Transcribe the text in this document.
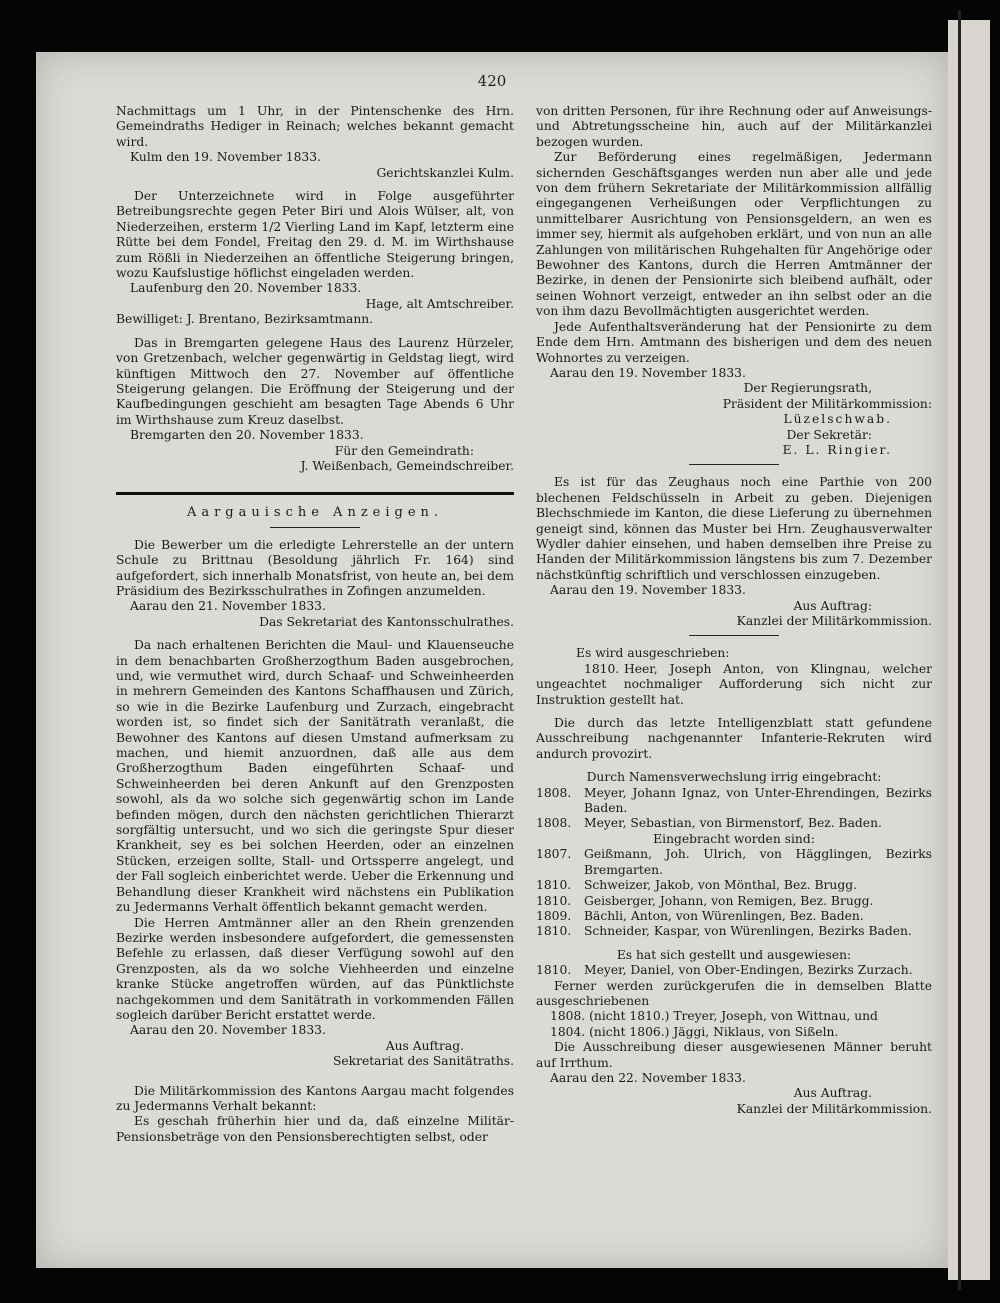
420

Nachmittags um 1 Uhr, in der Pintenschenke des Hrn. Gemeindraths Hediger in Reinach; welches bekannt gemacht wird.

Kulm den 19. November 1833.

Gerichtskanzlei Kulm.

Der Unterzeichnete wird in Folge ausgeführter Betreibungsrechte gegen Peter Biri und Alois Wülser, alt, von Niederzeihen, ersterm 1/2 Vierling Land im Kapf, letzterm eine Rütte bei dem Fondel, Freitag den 29. d. M. im Wirthshause zum Rößli in Niederzeihen an öffentliche Steigerung bringen, wozu Kaufslustige höflichst eingeladen werden.

Laufenburg den 20. November 1833.

Hage, alt Amtschreiber.

Bewilliget: J. Brentano, Bezirksamtmann.

Das in Bremgarten gelegene Haus des Laurenz Hürzeler, von Gretzenbach, welcher gegenwärtig in Geldstag liegt, wird künftigen Mittwoch den 27. November auf öffentliche Steigerung gelangen. Die Eröffnung der Steigerung und der Kaufbedingungen geschieht am besagten Tage Abends 6 Uhr im Wirthshause zum Kreuz daselbst.

Bremgarten den 20. November 1833.

Für den Gemeindrath:

J. Weißenbach, Gemeindschreiber.

Aargauische Anzeigen.

Die Bewerber um die erledigte Lehrerstelle an der untern Schule zu Brittnau (Besoldung jährlich Fr. 164) sind aufgefordert, sich innerhalb Monatsfrist, von heute an, bei dem Präsidium des Bezirksschulrathes in Zofingen anzumelden.

Aarau den 21. November 1833.

Das Sekretariat des Kantonsschulrathes.

Da nach erhaltenen Berichten die Maul- und Klauenseuche in dem benachbarten Großherzogthum Baden ausgebrochen, und, wie vermuthet wird, durch Schaaf- und Schweinheerden in mehrern Gemeinden des Kantons Schaffhausen und Zürich, so wie in die Bezirke Laufenburg und Zurzach, eingebracht worden ist, so findet sich der Sanitätrath veranlaßt, die Bewohner des Kantons auf diesen Umstand aufmerksam zu machen, und hiemit anzuordnen, daß alle aus dem Großherzogthum Baden eingeführten Schaaf- und Schweinheerden bei deren Ankunft auf den Grenzposten sowohl, als da wo solche sich gegenwärtig schon im Lande befinden mögen, durch den nächsten gerichtlichen Thierarzt sorgfältig untersucht, und wo sich die geringste Spur dieser Krankheit, sey es bei solchen Heerden, oder an einzelnen Stücken, erzeigen sollte, Stall- und Ortssperre angelegt, und der Fall sogleich einberichtet werde. Ueber die Erkennung und Behandlung dieser Krankheit wird nächstens ein Publikation zu Jedermanns Verhalt öffentlich bekannt gemacht werden.

Die Herren Amtmänner aller an den Rhein grenzenden Bezirke werden insbesondere aufgefordert, die gemessensten Befehle zu erlassen, daß dieser Verfügung sowohl auf den Grenzposten, als da wo solche Viehheerden und einzelne kranke Stücke angetroffen würden, auf das Pünktlichste nachgekommen und dem Sanitätrath in vorkommenden Fällen sogleich darüber Bericht erstattet werde.

Aarau den 20. November 1833.

Aus Auftrag.

Sekretariat des Sanitätraths.

Die Militärkommission des Kantons Aargau macht folgendes zu Jedermanns Verhalt bekannt:

Es geschah früherhin hier und da, daß einzelne Militär-Pensionsbeträge von den Pensionsberechtigten selbst, oder

von dritten Personen, für ihre Rechnung oder auf Anweisungs- und Abtretungsscheine hin, auch auf der Militärkanzlei bezogen wurden.

Zur Beförderung eines regelmäßigen, Jedermann sichernden Geschäftsganges werden nun aber alle und jede von dem frühern Sekretariate der Militärkommission allfällig eingegangenen Verheißungen oder Verpflichtungen zu unmittelbarer Ausrichtung von Pensionsgeldern, an wen es immer sey, hiermit als aufgehoben erklärt, und von nun an alle Zahlungen von militärischen Ruhgehalten für Angehörige oder Bewohner des Kantons, durch die Herren Amtmänner der Bezirke, in denen der Pensionirte sich bleibend aufhält, oder seinen Wohnort verzeigt, entweder an ihn selbst oder an die von ihm dazu Bevollmächtigten ausgerichtet werden.

Jede Aufenthaltsveränderung hat der Pensionirte zu dem Ende dem Hrn. Amtmann des bisherigen und dem des neuen Wohnortes zu verzeigen.

Aarau den 19. November 1833.

Der Regierungsrath,

Präsident der Militärkommission:

Lüzelschwab.

Der Sekretär:

E. L. Ringier.

Es ist für das Zeughaus noch eine Parthie von 200 blechenen Feldschüsseln in Arbeit zu geben. Diejenigen Blechschmiede im Kanton, die diese Lieferung zu übernehmen geneigt sind, können das Muster bei Hrn. Zeughausverwalter Wydler dahier einsehen, und haben demselben ihre Preise zu Handen der Militärkommission längstens bis zum 7. Dezember nächstkünftig schriftlich und verschlossen einzugeben.

Aarau den 19. November 1833.

Aus Auftrag:

Kanzlei der Militärkommission.

Es wird ausgeschrieben:

1810. Heer, Joseph Anton, von Klingnau, welcher ungeachtet nochmaliger Aufforderung sich nicht zur Instruktion gestellt hat.

Die durch das letzte Intelligenzblatt statt gefundene Ausschreibung nachgenannter Infanterie-Rekruten wird andurch provozirt.

Durch Namensverwechslung irrig eingebracht:

1808.	Meyer, Johann Ignaz, von Unter-Ehrendingen, Bezirks Baden.
1808.	Meyer, Sebastian, von Birmenstorf, Bez. Baden.

Eingebracht worden sind:

1807.	Geißmann, Joh. Ulrich, von Hägglingen, Bezirks Bremgarten.
1810.	Schweizer, Jakob, von Mönthal, Bez. Brugg.
1810.	Geisberger, Johann, von Remigen, Bez. Brugg.
1809.	Bächli, Anton, von Würenlingen, Bez. Baden.
1810.	Schneider, Kaspar, von Würenlingen, Bezirks Baden.

Es hat sich gestellt und ausgewiesen:

1810.	Meyer, Daniel, von Ober-Endingen, Bezirks Zurzach.

Ferner werden zurückgerufen die in demselben Blatte ausgeschriebenen

1808. (nicht 1810.) Treyer, Joseph, von Wittnau, und

1804. (nicht 1806.) Jäggi, Niklaus, von Sißeln.

Die Ausschreibung dieser ausgewiesenen Männer beruht auf Irrthum.

Aarau den 22. November 1833.

Aus Auftrag.

Kanzlei der Militärkommission.
